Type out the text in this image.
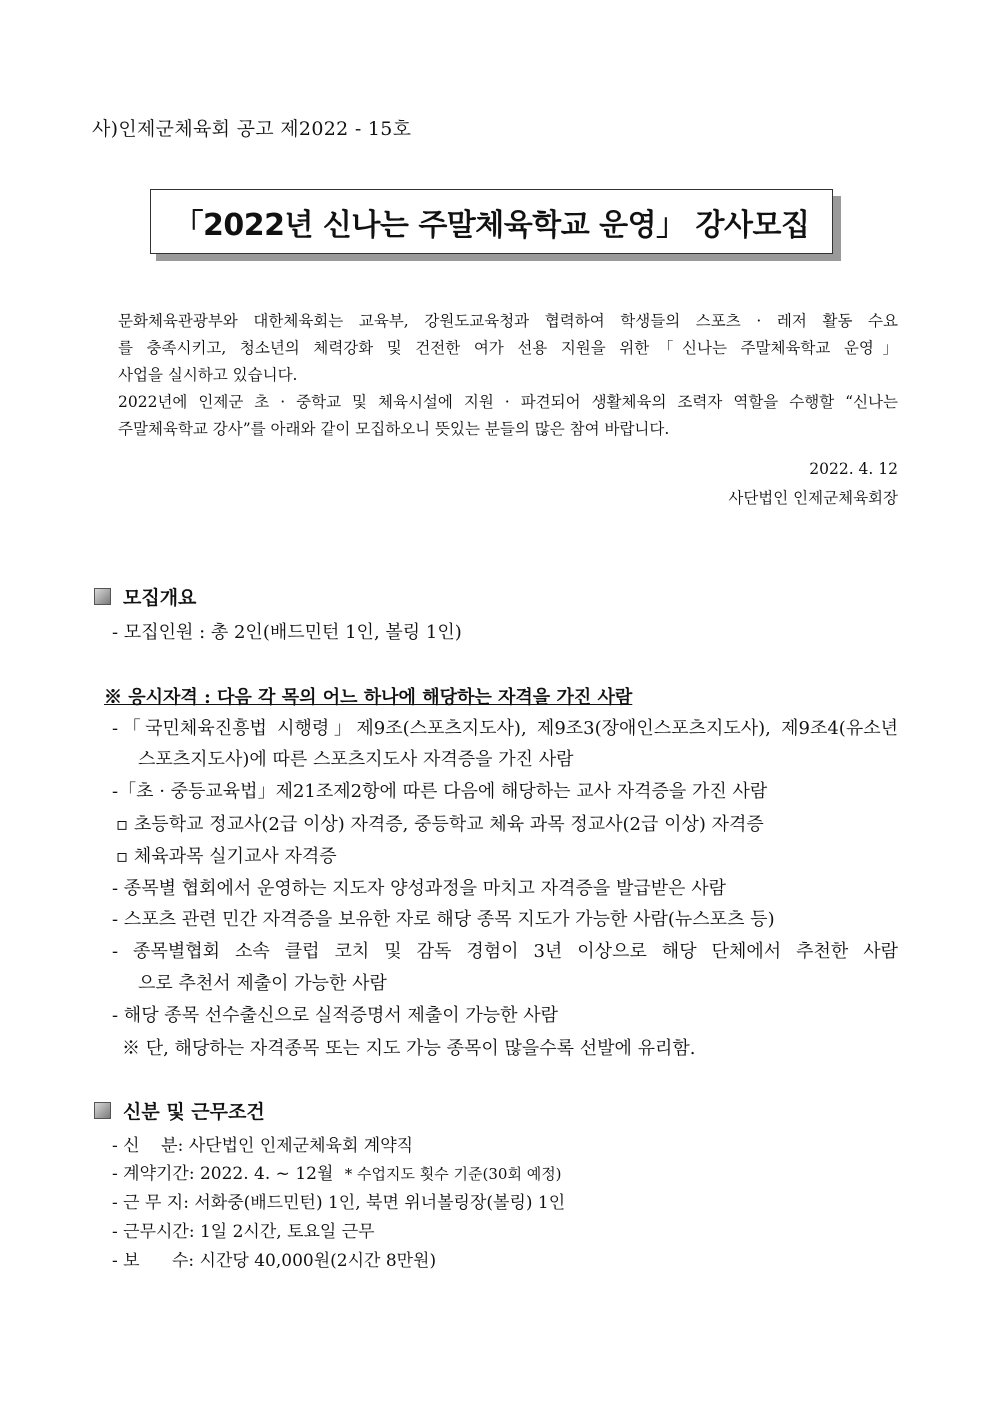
사)인제군체육회 공고 제2022 - 15호
「2022년 신나는 주말체육학교 운영」 강사모집
문화체육관광부와 대한체육회는 교육부, 강원도교육청과 협력하여 학생들의 스포츠 · 레저 활동 수요
를 충족시키고, 청소년의 체력강화 및 건전한 여가 선용 지원을 위한「신나는 주말체육학교 운영」
사업을 실시하고 있습니다.
2022년에 인제군 초 · 중학교 및 체육시설에 지원 · 파견되어 생활체육의 조력자 역할을 수행할 “신나는
주말체육학교 강사”를 아래와 같이 모집하오니 뜻있는 분들의 많은 참여 바랍니다.
2022. 4. 12
사단법인 인제군체육회장
모집개요
- 모집인원 : 총 2인(배드민턴 1인, 볼링 1인)
※ 응시자격 : 다음 각 목의 어느 하나에 해당하는 자격을 가진 사람
-「국민체육진흥법 시행령」제9조(스포츠지도사), 제9조3(장애인스포츠지도사), 제9조4(유소년
스포츠지도사)에 따른 스포츠지도사 자격증을 가진 사람
-「초 · 중등교육법」제21조제2항에 따른 다음에 해당하는 교사 자격증을 가진 사람
▫ 초등학교 정교사(2급 이상) 자격증, 중등학교 체육 과목 정교사(2급 이상) 자격증
▫ 체육과목 실기교사 자격증
- 종목별 협회에서 운영하는 지도자 양성과정을 마치고 자격증을 발급받은 사람
- 스포츠 관련 민간 자격증을 보유한 자로 해당 종목 지도가 가능한 사람(뉴스포츠 등)
- 종목별협회 소속 클럽 코치 및 감독 경험이 3년 이상으로 해당 단체에서 추천한 사람
으로 추천서 제출이 가능한 사람
- 해당 종목 선수출신으로 실적증명서 제출이 가능한 사람
※ 단, 해당하는 자격종목 또는 지도 가능 종목이 많을수록 선발에 유리함.
신분 및 근무조건
- 신    분: 사단법인 인제군체육회 계약직
- 계약기간: 2022. 4. ~ 12월 * 수업지도 횟수 기준(30회 예정)
- 근 무 지: 서화중(배드민턴) 1인, 북면 위너볼링장(볼링) 1인
- 근무시간: 1일 2시간, 토요일 근무
- 보      수: 시간당 40,000원(2시간 8만원)
